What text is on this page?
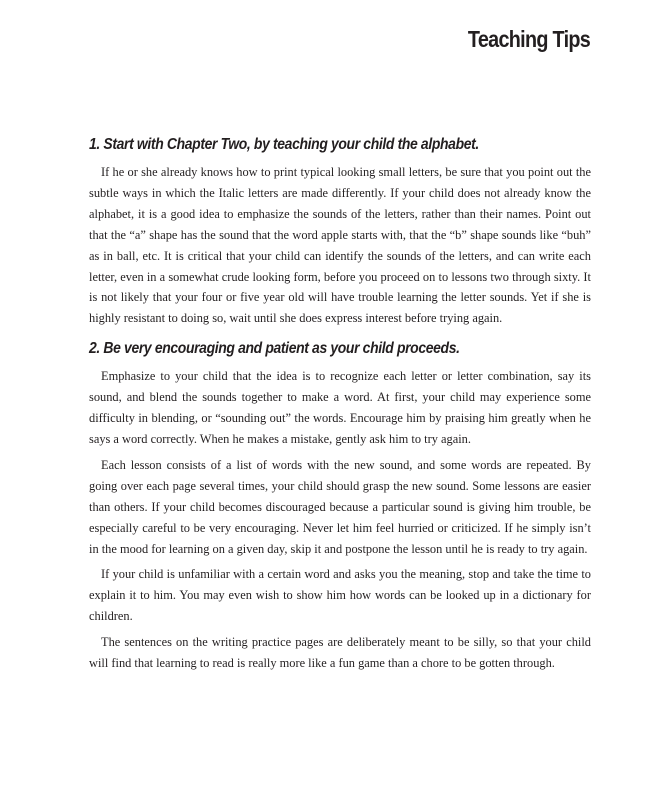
Teaching Tips
1. Start with Chapter Two, by teaching your child the alphabet.

If he or she already knows how to print typical looking small letters, be sure that you point out the subtle ways in which the Italic letters are made differently. If your child does not already know the alphabet, it is a good idea to emphasize the sounds of the letters, rather than their names. Point out that the “a” shape has the sound that the word apple starts with, that the “b” shape sounds like “buh” as in ball, etc. It is critical that your child can identify the sounds of the letters, and can write each letter, even in a somewhat crude looking form, before you proceed on to lessons two through sixty. It is not likely that your four or five year old will have trouble learning the letter sounds. Yet if she is highly resistant to doing so, wait until she does express interest before trying again.

2. Be very encouraging and patient as your child proceeds.

Emphasize to your child that the idea is to recognize each letter or letter combination, say its sound, and blend the sounds together to make a word. At first, your child may experience some difficulty in blending, or “sounding out” the words. Encourage him by praising him greatly when he says a word correctly. When he makes a mistake, gently ask him to try again.

Each lesson consists of a list of words with the new sound, and some words are repeated. By going over each page several times, your child should grasp the new sound. Some lessons are easier than others. If your child becomes discouraged because a particular sound is giving him trouble, be especially careful to be very encouraging. Never let him feel hurried or criticized. If he simply isn’t in the mood for learning on a given day, skip it and postpone the lesson until he is ready to try again.

If your child is unfamiliar with a certain word and asks you the meaning, stop and take the time to explain it to him. You may even wish to show him how words can be looked up in a dictionary for children.

The sentences on the writing practice pages are deliberately meant to be silly, so that your child will find that learning to read is really more like a fun game than a chore to be gotten through.
